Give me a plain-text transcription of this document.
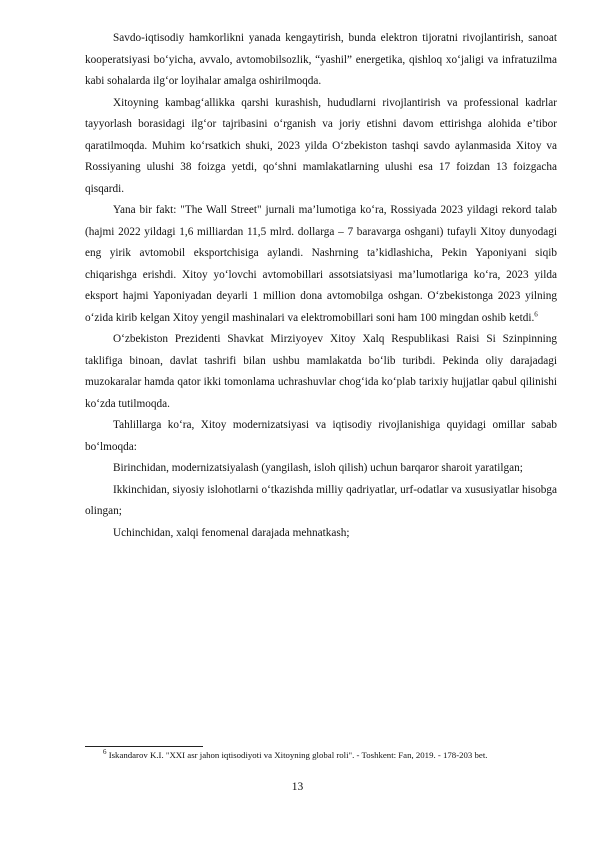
Savdo-iqtisodiy hamkorlikni yanada kengaytirish, bunda elektron tijoratni rivojlantirish, sanoat kooperatsiyasi bo‘yicha, avvalo, avtomobilsozlik, “yashil” energetika, qishloq xo‘jaligi va infratuzilma kabi sohalarda ilg‘or loyihalar amalga oshirilmoqda.

Xitoyning kambag‘allikka qarshi kurashish, hududlarni rivojlantirish va professional kadrlar tayyorlash borasidagi ilg‘or tajribasini o‘rganish va joriy etishni davom ettirishga alohida e’tibor qaratilmoqda. Muhim ko‘rsatkich shuki, 2023 yilda O‘zbekiston tashqi savdo aylanmasida Xitoy va Rossiyaning ulushi 38 foizga yetdi, qo‘shni mamlakatlarning ulushi esa 17 foizdan 13 foizgacha qisqardi.

Yana bir fakt: "The Wall Street" jurnali ma’lumotiga ko‘ra, Rossiyada 2023 yildagi rekord talab (hajmi 2022 yildagi 1,6 milliardan 11,5 mlrd. dollarga – 7 baravarga oshgani) tufayli Xitoy dunyodagi eng yirik avtomobil eksportchisiga aylandi. Nashrning ta’kidlashicha, Pekin Yaponiyani siqib chiqarishga erishdi. Xitoy yo‘lovchi avtomobillari assotsiatsiyasi ma’lumotlariga ko‘ra, 2023 yilda eksport hajmi Yaponiyadan deyarli 1 million dona avtomobilga oshgan. O‘zbekistonga 2023 yilning o‘zida kirib kelgan Xitoy yengil mashinalari va elektromobillari soni ham 100 mingdan oshib ketdi.$^6$

O‘zbekiston Prezidenti Shavkat Mirziyoyev Xitoy Xalq Respublikasi Raisi Si Szinpinning taklifiga binoan, davlat tashrifi bilan ushbu mamlakatda bo‘lib turibdi. Pekinda oliy darajadagi muzokaralar hamda qator ikki tomonlama uchrashuvlar chog‘ida ko‘plab tarixiy hujjatlar qabul qilinishi ko‘zda tutilmoqda.

Tahlillarga ko‘ra, Xitoy modernizatsiyasi va iqtisodiy rivojlanishiga quyidagi omillar sabab bo‘lmoqda:

Birinchidan, modernizatsiyalash (yangilash, isloh qilish) uchun barqaror sharoit yaratilgan;

Ikkinchidan, siyosiy islohotlarni o‘tkazishda milliy qadriyatlar, urf-odatlar va xususiyatlar hisobga olingan;

Uchinchidan, xalqi fenomenal darajada mehnatkash;

$^6$ Iskandarov K.I. "XXI asr jahon iqtisodiyoti va Xitoyning global roli". - Toshkent: Fan, 2019. - 178-203 bet.
13
